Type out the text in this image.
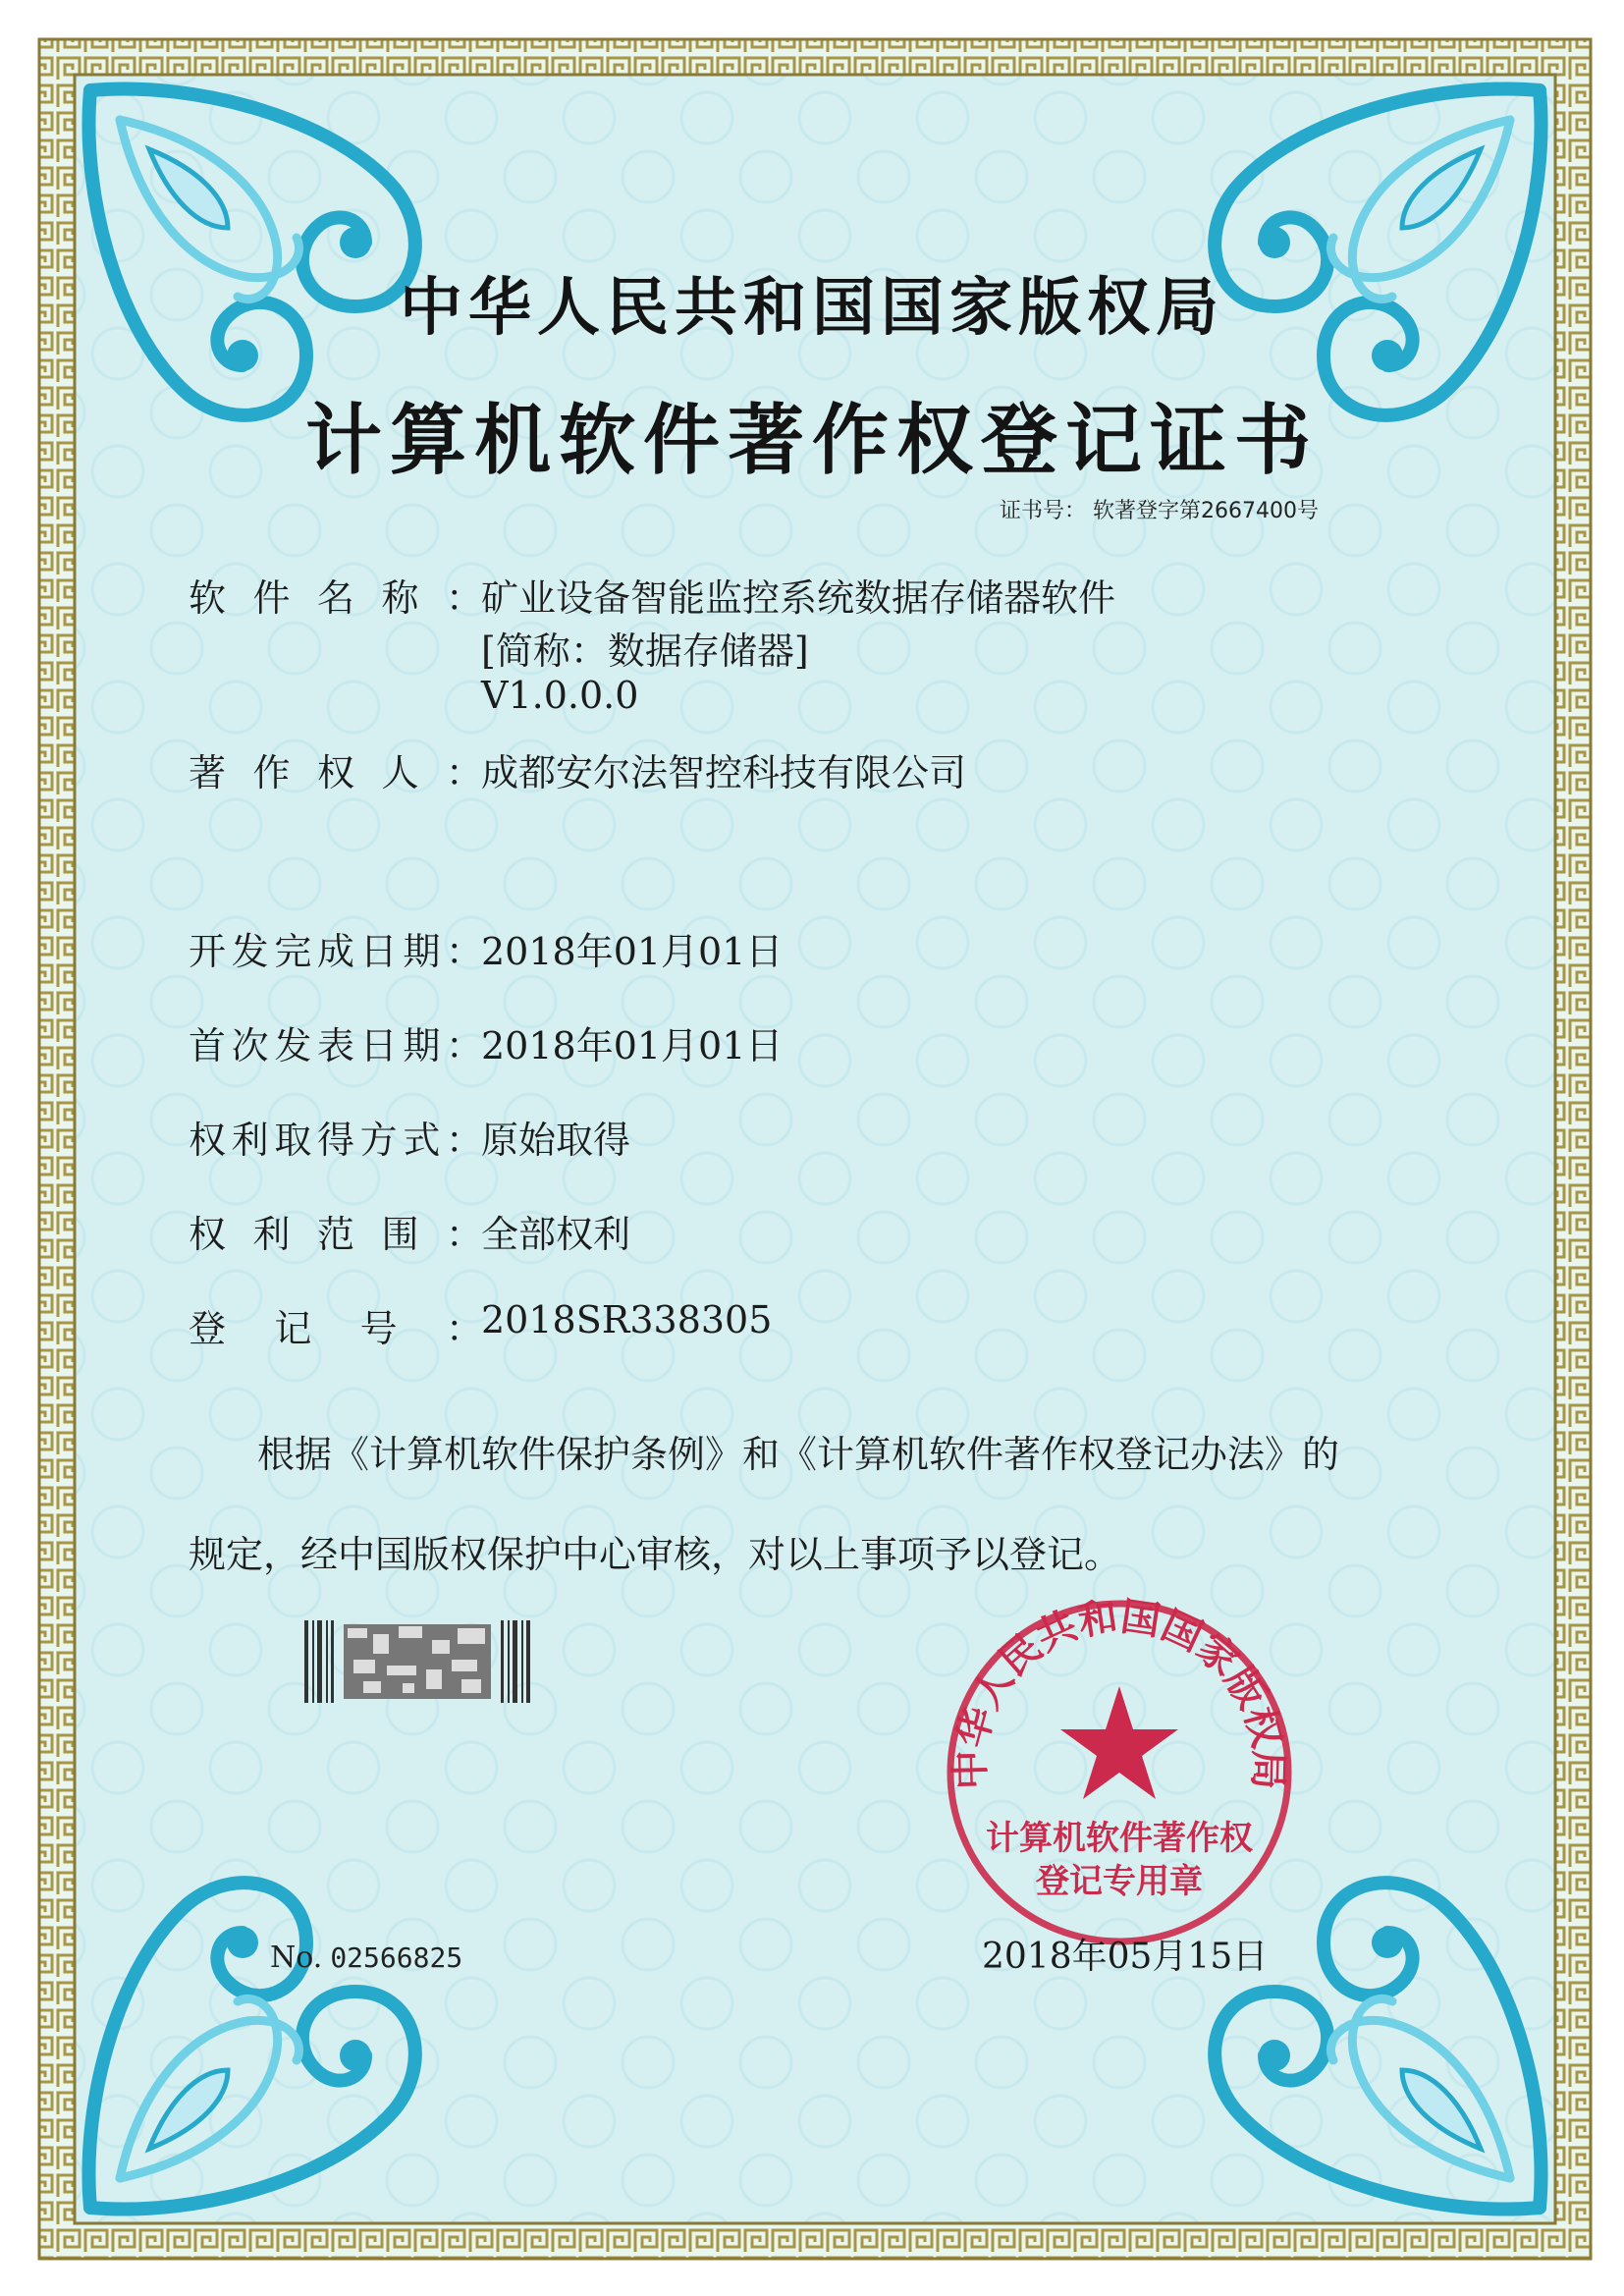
中华人民共和国国家版权局
计算机软件著作权登记证书
证书号： 软著登字第2667400号
软件名称：
矿业设备智能监控系统数据存储器软件
[简称：数据存储器]
V1.0.0.0
著作权人：
成都安尔法智控科技有限公司
开发完成日期：
2018年01月01日
首次发表日期：
2018年01月01日
权利取得方式：
原始取得
权利范围：
全部权利
登记号：
2018SR338305
根据《计算机软件保护条例》和《计算机软件著作权登记办法》的
规定，经中国版权保护中心审核，对以上事项予以登记。
No. 02566825
中华人民共和国国家版权局
计算机软件著作权
登记专用章
2018年05月15日
